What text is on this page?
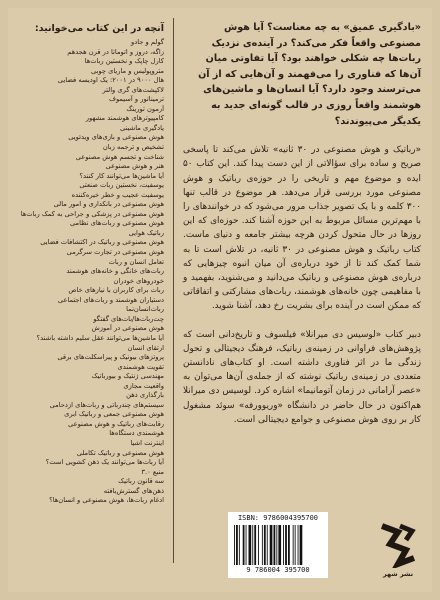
آنچه در این کتاب می‌خوانید:
گولم و جادو
زاگه، دروز و اتوماتا در قرن هجدهم
کارل چاپک و نخستین ربات‌ها
متروپولیس و ماریای چوبی
هال ۹۰۰۰ در ۲۰۰۱: یک اودیسه فضایی
لاکپشت‌های گری والتر
ترمیناتور و آسیموف
آرمون تورینگ
کامپیوترهای هوشمند مشهور
یادگیری ماشینی
هوش مصنوعی و بازی‌های ویدئویی
تشخیص و ترجمه زبان
شناخت و تجسم هوش مصنوعی
هنر و هوش مصنوعی
آیا ماشین‌ها می‌توانند کار کنند؟
یوسفیت، نخستین ربات صنعتی
یوسفیت عجیب و خطر خیره‌کننده
هوش مصنوعی در بانکداری و امور مالی
هوش مصنوعی در پزشکی و جراحی به کمک ربات‌ها
هوش مصنوعی و ربات‌های نظامی
رباتیک هوایی
هوش مصنوعی و رباتیک در اکتشافات فضایی
هوش مصنوعی در تجارت سرگرمی
تعامل انسان و ربات
ربات‌های خانگی و خانه‌های هوشمند
خودروهای خودران
ربات برای کاربران با نیازهای خاص
دستیاران هوشمند و ربات‌های اجتماعی
ربات‌انسان‌نما
چت‌ربات‌ها/بات‌های گفتگو
هوش مصنوعی در آموزش
آیا ماشین‌ها می‌توانند عقل سلیم داشته باشند؟
ارتقای انسان
پروتزهای بیونیک و پیراسکلت‌های برقی
تقویت هوشمندی
مهندسی ژنتیک و بیورباتیک
واقعیت مجازی
بارگذاری ذهن
سیستم‌های چندرباتی و ربات‌های ازدحامی
هوش مصنوعی جمعی و رباتیک ابری
رقابت‌های رباتیک و هوش مصنوعی
هوشمندی دستگاه‌ها
اینترنت اشیا
هوش مصنوعی و رباتیک تکاملی
آیا ربات‌ها می‌توانند یک ذهن کشویی است؟
منبع ۳.۰
سه قانون رباتیک
ذهن‌های گسترش‌یافته
ادغام ربات‌ها، هوش مصنوعی و انسان‌ها؟

«بادگیری عمیق» به چه معناست؟ آیا هوش مصنوعی واقعاً فکر می‌کند؟ در آینده‌ی نزدیک ربات‌ها چه شکلی خواهند بود؟ آیا تفاوتی میان آن‌ها که فناوری را می‌فهمند و آن‌هایی که از آن می‌ترسند وجود دارد؟ آیا انسان‌ها و ماشین‌های هوشمند واقعاً روزی در قالب گونه‌ای جدید به یکدیگر می‌پیوندند؟

«رباتیک و هوش مصنوعی در ۳۰ ثانیه» تلاش می‌کند تا پاسخی صریح و ساده برای سؤالاتی از این دست پیدا کند. این کتاب ۵۰ ایده و موضوع مهم و تاریخی را در حوزه‌ی رباتیک و هوش مصنوعی مورد بررسی قرار می‌دهد. هر موضوع در قالب تنها ۳۰۰ کلمه و با یک تصویر جذاب مرور می‌شود که در خوانندهای را با مهم‌ترین مسائل مربوط به این حوزه آشنا کند. حوزه‌ای که این روزها در حال متحول کردن هرچه بیشتر جامعه و دنیای ماست. کتاب رباتیک و هوش مصنوعی در ۳۰ ثانیه، در تلاش است تا به شما کمک کند تا از خود درباره‌ی آن میان انبوه چیزهایی که درباره‌ی هوش مصنوعی و رباتیک می‌دانید و می‌شنوید، بفهمید و با مفاهیمی چون خانه‌های هوشمند، ربات‌های مشارکتی و اتفاقاتی که ممکن است در آینده برای بشریت رخ دهد، آشنا شوید.

دبیر کتاب «لوسیس دی میرانلا» فیلسوف و تاریخ‌دانی است که پژوهش‌های فراوانی در زمینه‌ی رباتیک، فرهنگ دیجیتالی و تحول زندگی ما در اثر فناوری داشته است. او کتاب‌های نادانستن متعددی در زمینه‌ی رباتیک نوشته که از جمله‌ی آن‌ها می‌توان به «عصر آرامانی در زمان آتومانیما» اشاره کرد. لوسیس دی میرانلا هم‌اکنون در حال حاضر در دانشگاه «وریوورفه» سوئد مشغول کار بر روی هوش مصنوعی و جوامع دیجیتالی است.

ISBN: 9786004395700
9 786004 395700	نشر شهر
